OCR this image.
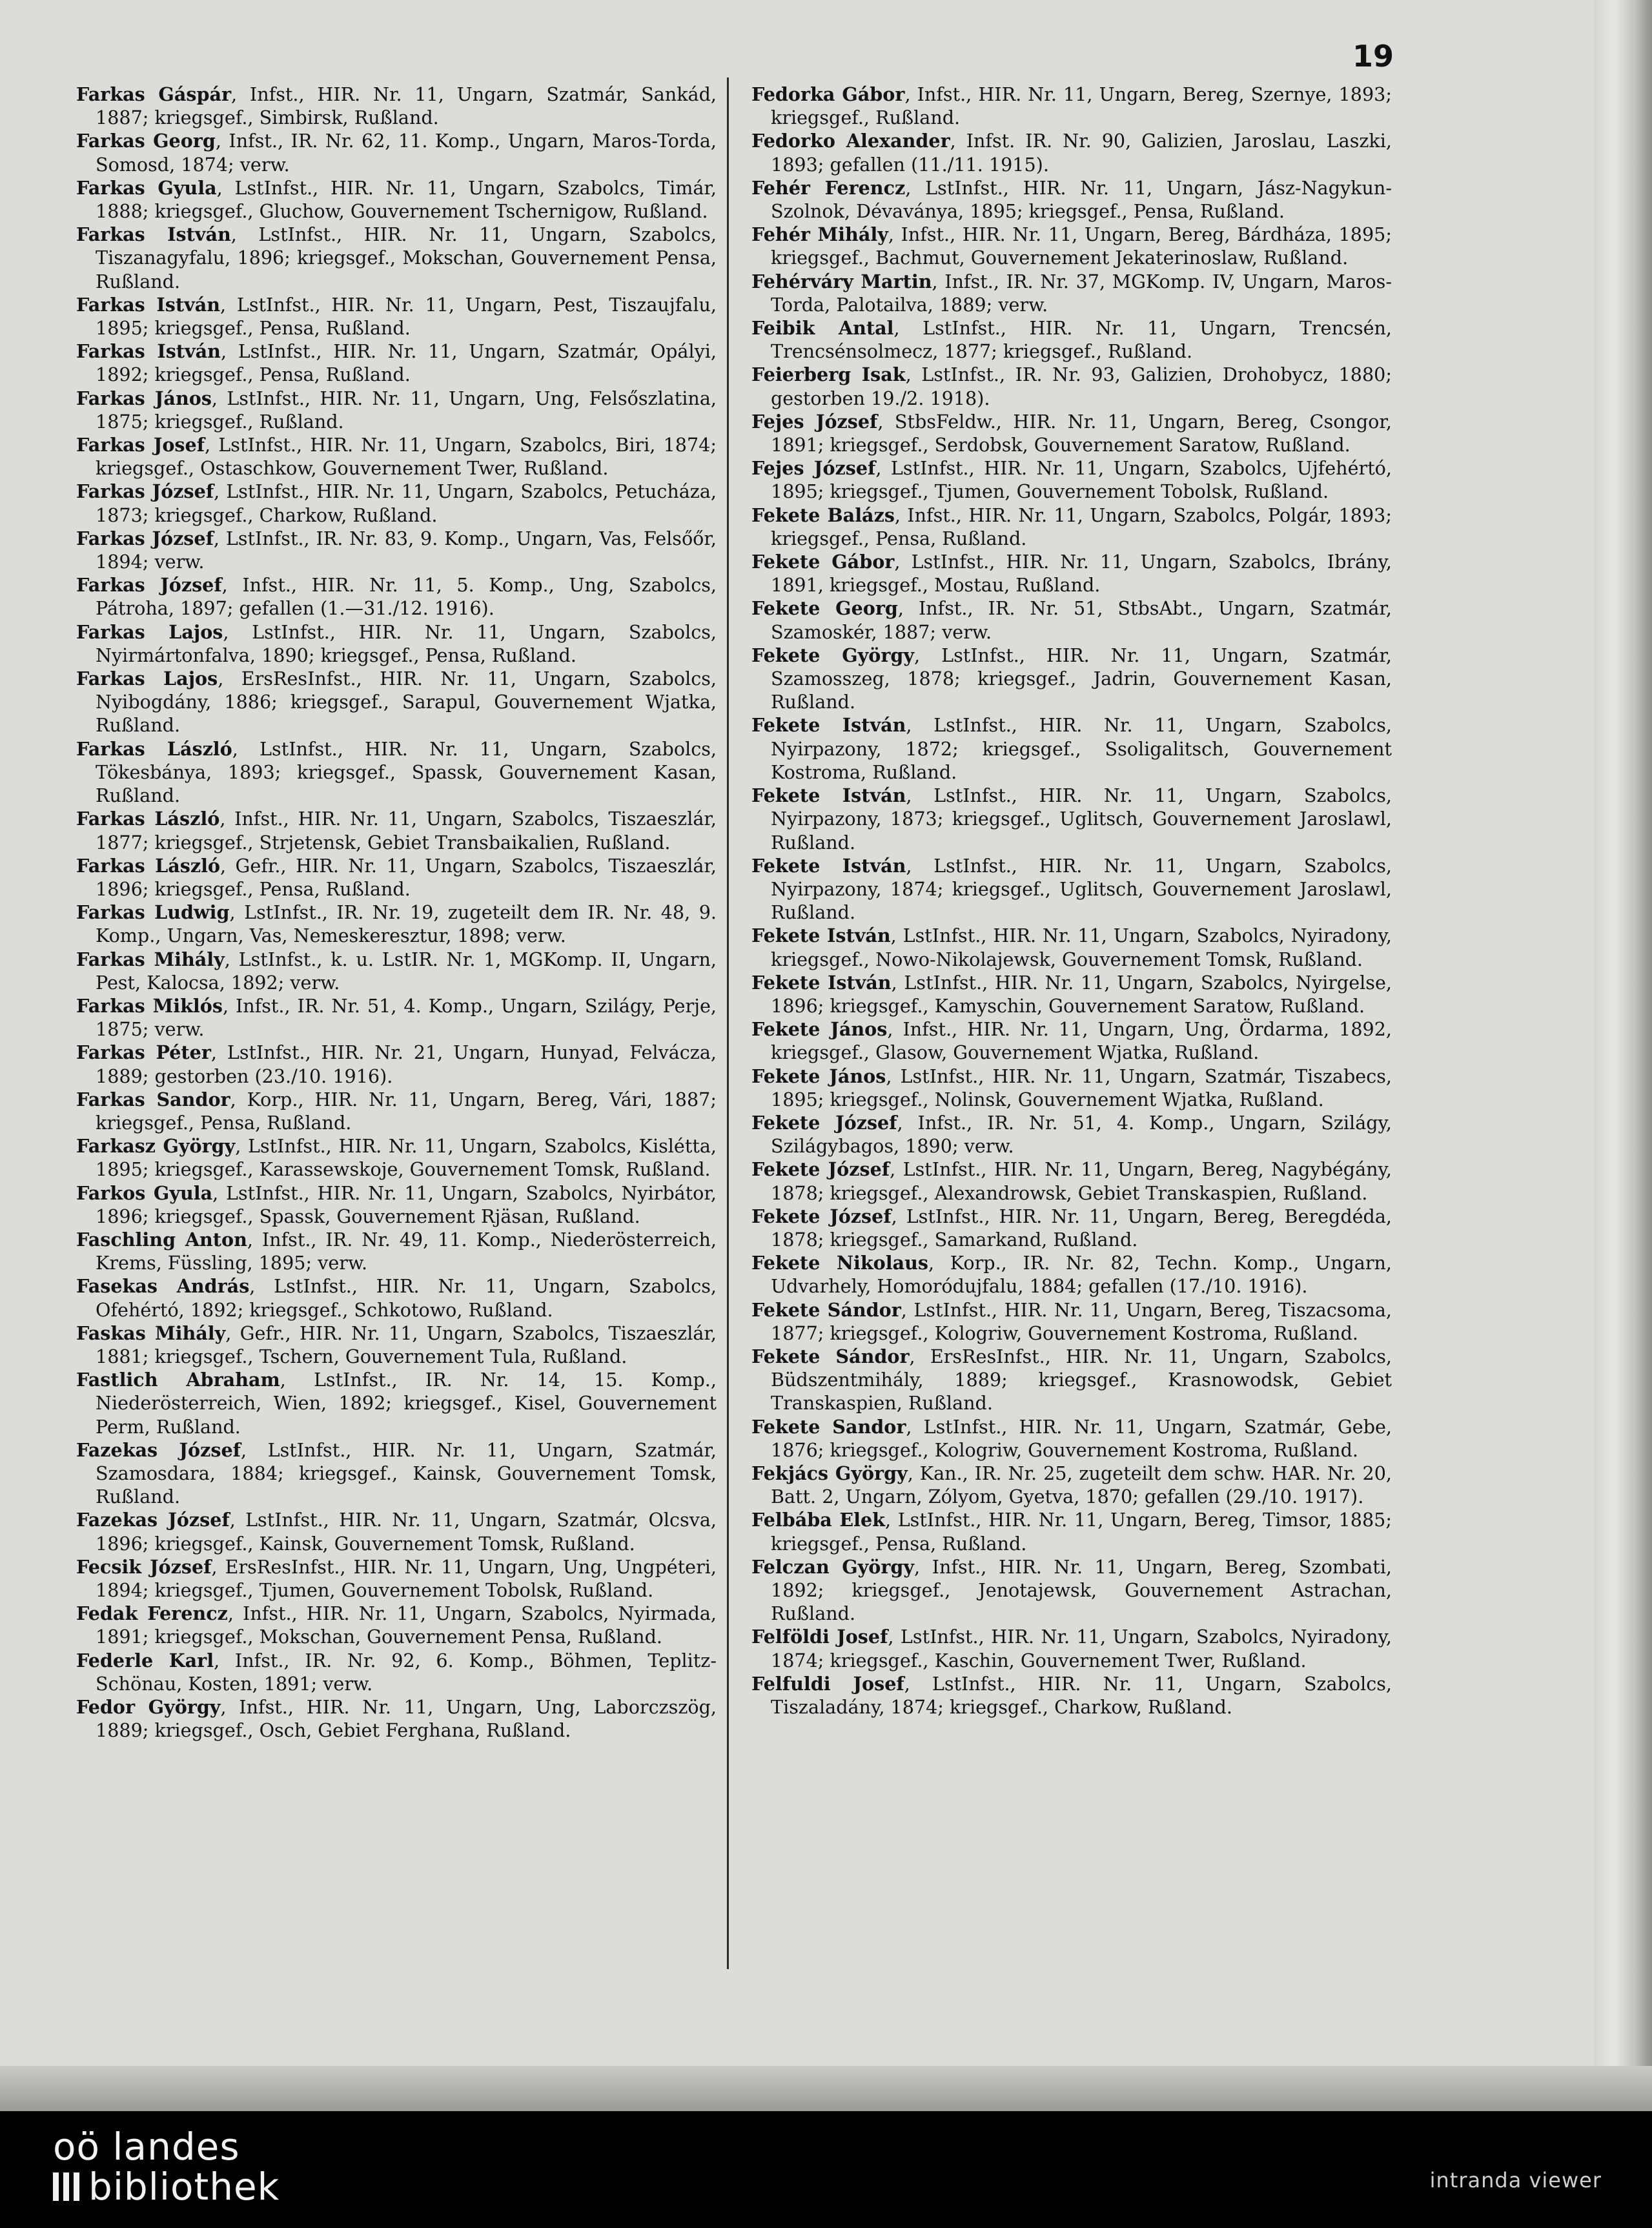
19
Farkas Gáspár, Infst., HIR. Nr. 11, Ungarn, Szatmár, Sankád, 1887; kriegsgef., Simbirsk, Rußland.
Farkas Georg, Infst., IR. Nr. 62, 11. Komp., Ungarn, Maros-Torda, Somosd, 1874; verw.
Farkas Gyula, LstInfst., HIR. Nr. 11, Ungarn, Szabolcs, Timár, 1888; kriegsgef., Gluchow, Gouvernement Tschernigow, Rußland.
Farkas István, LstInfst., HIR. Nr. 11, Ungarn, Szabolcs, Tiszanagyfalu, 1896; kriegsgef., Mokschan, Gouvernement Pensa, Rußland.
Farkas István, LstInfst., HIR. Nr. 11, Ungarn, Pest, Tiszaujfalu, 1895; kriegsgef., Pensa, Rußland.
Farkas István, LstInfst., HIR. Nr. 11, Ungarn, Szatmár, Opályi, 1892; kriegsgef., Pensa, Rußland.
Farkas János, LstInfst., HIR. Nr. 11, Ungarn, Ung, Felsőszlatina, 1875; kriegsgef., Rußland.
Farkas Josef, LstInfst., HIR. Nr. 11, Ungarn, Szabolcs, Biri, 1874; kriegsgef., Ostaschkow, Gouvernement Twer, Rußland.
Farkas József, LstInfst., HIR. Nr. 11, Ungarn, Szabolcs, Petucháza, 1873; kriegsgef., Charkow, Rußland.
Farkas József, LstInfst., IR. Nr. 83, 9. Komp., Ungarn, Vas, Felsőőr, 1894; verw.
Farkas József, Infst., HIR. Nr. 11, 5. Komp., Ung, Szabolcs, Pátroha, 1897; gefallen (1.—31./12. 1916).
Farkas Lajos, LstInfst., HIR. Nr. 11, Ungarn, Szabolcs, Nyirmártonfalva, 1890; kriegsgef., Pensa, Rußland.
Farkas Lajos, ErsResInfst., HIR. Nr. 11, Ungarn, Szabolcs, Nyibogdány, 1886; kriegsgef., Sarapul, Gouvernement Wjatka, Rußland.
Farkas László, LstInfst., HIR. Nr. 11, Ungarn, Szabolcs, Tökesbánya, 1893; kriegsgef., Spassk, Gouvernement Kasan, Rußland.
Farkas László, Infst., HIR. Nr. 11, Ungarn, Szabolcs, Tiszaeszlár, 1877; kriegsgef., Strjetensk, Gebiet Transbaikalien, Rußland.
Farkas László, Gefr., HIR. Nr. 11, Ungarn, Szabolcs, Tiszaeszlár, 1896; kriegsgef., Pensa, Rußland.
Farkas Ludwig, LstInfst., IR. Nr. 19, zugeteilt dem IR. Nr. 48, 9. Komp., Ungarn, Vas, Nemeskeresztur, 1898; verw.
Farkas Mihály, LstInfst., k. u. LstIR. Nr. 1, MGKomp. II, Ungarn, Pest, Kalocsa, 1892; verw.
Farkas Miklós, Infst., IR. Nr. 51, 4. Komp., Ungarn, Szilágy, Perje, 1875; verw.
Farkas Péter, LstInfst., HIR. Nr. 21, Ungarn, Hunyad, Felvácza, 1889; gestorben (23./10. 1916).
Farkas Sandor, Korp., HIR. Nr. 11, Ungarn, Bereg, Vári, 1887; kriegsgef., Pensa, Rußland.
Farkasz György, LstInfst., HIR. Nr. 11, Ungarn, Szabolcs, Kislétta, 1895; kriegsgef., Karassewskoje, Gouvernement Tomsk, Rußland.
Farkos Gyula, LstInfst., HIR. Nr. 11, Ungarn, Szabolcs, Nyirbátor, 1896; kriegsgef., Spassk, Gouvernement Rjäsan, Rußland.
Faschling Anton, Infst., IR. Nr. 49, 11. Komp., Niederösterreich, Krems, Füssling, 1895; verw.
Fasekas András, LstInfst., HIR. Nr. 11, Ungarn, Szabolcs, Ofehértó, 1892; kriegsgef., Schkotowo, Rußland.
Faskas Mihály, Gefr., HIR. Nr. 11, Ungarn, Szabolcs, Tiszaeszlár, 1881; kriegsgef., Tschern, Gouvernement Tula, Rußland.
Fastlich Abraham, LstInfst., IR. Nr. 14, 15. Komp., Niederösterreich, Wien, 1892; kriegsgef., Kisel, Gouvernement Perm, Rußland.
Fazekas József, LstInfst., HIR. Nr. 11, Ungarn, Szatmár, Szamosdara, 1884; kriegsgef., Kainsk, Gouvernement Tomsk, Rußland.
Fazekas József, LstInfst., HIR. Nr. 11, Ungarn, Szatmár, Olcsva, 1896; kriegsgef., Kainsk, Gouvernement Tomsk, Rußland.
Fecsik József, ErsResInfst., HIR. Nr. 11, Ungarn, Ung, Ungpéteri, 1894; kriegsgef., Tjumen, Gouvernement Tobolsk, Rußland.
Fedak Ferencz, Infst., HIR. Nr. 11, Ungarn, Szabolcs, Nyirmada, 1891; kriegsgef., Mokschan, Gouvernement Pensa, Rußland.
Federle Karl, Infst., IR. Nr. 92, 6. Komp., Böhmen, Teplitz-Schönau, Kosten, 1891; verw.
Fedor György, Infst., HIR. Nr. 11, Ungarn, Ung, Laborczszög, 1889; kriegsgef., Osch, Gebiet Ferghana, Rußland.
Fedorka Gábor, Infst., HIR. Nr. 11, Ungarn, Bereg, Szernye, 1893; kriegsgef., Rußland.
Fedorko Alexander, Infst. IR. Nr. 90, Galizien, Jaroslau, Laszki, 1893; gefallen (11./11. 1915).
Fehér Ferencz, LstInfst., HIR. Nr. 11, Ungarn, Jász-Nagykun-Szolnok, Dévaványa, 1895; kriegsgef., Pensa, Rußland.
Fehér Mihály, Infst., HIR. Nr. 11, Ungarn, Bereg, Bárdháza, 1895; kriegsgef., Bachmut, Gouvernement Jekaterinoslaw, Rußland.
Fehérváry Martin, Infst., IR. Nr. 37, MGKomp. IV, Ungarn, Maros-Torda, Palotailva, 1889; verw.
Feibik Antal, LstInfst., HIR. Nr. 11, Ungarn, Trencsén, Trencsénsolmecz, 1877; kriegsgef., Rußland.
Feierberg Isak, LstInfst., IR. Nr. 93, Galizien, Drohobycz, 1880; gestorben 19./2. 1918).
Fejes József, StbsFeldw., HIR. Nr. 11, Ungarn, Bereg, Csongor, 1891; kriegsgef., Serdobsk, Gouvernement Saratow, Rußland.
Fejes József, LstInfst., HIR. Nr. 11, Ungarn, Szabolcs, Ujfehértó, 1895; kriegsgef., Tjumen, Gouvernement Tobolsk, Rußland.
Fekete Balázs, Infst., HIR. Nr. 11, Ungarn, Szabolcs, Polgár, 1893; kriegsgef., Pensa, Rußland.
Fekete Gábor, LstInfst., HIR. Nr. 11, Ungarn, Szabolcs, Ibrány, 1891, kriegsgef., Mostau, Rußland.
Fekete Georg, Infst., IR. Nr. 51, StbsAbt., Ungarn, Szatmár, Szamoskér, 1887; verw.
Fekete György, LstInfst., HIR. Nr. 11, Ungarn, Szatmár, Szamosszeg, 1878; kriegsgef., Jadrin, Gouvernement Kasan, Rußland.
Fekete István, LstInfst., HIR. Nr. 11, Ungarn, Szabolcs, Nyirpazony, 1872; kriegsgef., Ssoligalitsch, Gouvernement Kostroma, Rußland.
Fekete István, LstInfst., HIR. Nr. 11, Ungarn, Szabolcs, Nyirpazony, 1873; kriegsgef., Uglitsch, Gouvernement Jaroslawl, Rußland.
Fekete István, LstInfst., HIR. Nr. 11, Ungarn, Szabolcs, Nyirpazony, 1874; kriegsgef., Uglitsch, Gouvernement Jaroslawl, Rußland.
Fekete István, LstInfst., HIR. Nr. 11, Ungarn, Szabolcs, Nyiradony, kriegsgef., Nowo-Nikolajewsk, Gouvernement Tomsk, Rußland.
Fekete István, LstInfst., HIR. Nr. 11, Ungarn, Szabolcs, Nyirgelse, 1896; kriegsgef., Kamyschin, Gouvernement Saratow, Rußland.
Fekete János, Infst., HIR. Nr. 11, Ungarn, Ung, Ördarma, 1892, kriegsgef., Glasow, Gouvernement Wjatka, Rußland.
Fekete János, LstInfst., HIR. Nr. 11, Ungarn, Szatmár, Tiszabecs, 1895; kriegsgef., Nolinsk, Gouvernement Wjatka, Rußland.
Fekete József, Infst., IR. Nr. 51, 4. Komp., Ungarn, Szilágy, Szilágybagos, 1890; verw.
Fekete József, LstInfst., HIR. Nr. 11, Ungarn, Bereg, Nagybégány, 1878; kriegsgef., Alexandrowsk, Gebiet Transkaspien, Rußland.
Fekete József, LstInfst., HIR. Nr. 11, Ungarn, Bereg, Beregdéda, 1878; kriegsgef., Samarkand, Rußland.
Fekete Nikolaus, Korp., IR. Nr. 82, Techn. Komp., Ungarn, Udvarhely, Homoródujfalu, 1884; gefallen (17./10. 1916).
Fekete Sándor, LstInfst., HIR. Nr. 11, Ungarn, Bereg, Tiszacsoma, 1877; kriegsgef., Kologriw, Gouvernement Kostroma, Rußland.
Fekete Sándor, ErsResInfst., HIR. Nr. 11, Ungarn, Szabolcs, Büdszentmihály, 1889; kriegsgef., Krasnowodsk, Gebiet Transkaspien, Rußland.
Fekete Sandor, LstInfst., HIR. Nr. 11, Ungarn, Szatmár, Gebe, 1876; kriegsgef., Kologriw, Gouvernement Kostroma, Rußland.
Fekjács György, Kan., IR. Nr. 25, zugeteilt dem schw. HAR. Nr. 20, Batt. 2, Ungarn, Zólyom, Gyetva, 1870; gefallen (29./10. 1917).
Felbába Elek, LstInfst., HIR. Nr. 11, Ungarn, Bereg, Timsor, 1885; kriegsgef., Pensa, Rußland.
Felczan György, Infst., HIR. Nr. 11, Ungarn, Bereg, Szombati, 1892; kriegsgef., Jenotajewsk, Gouvernement Astrachan, Rußland.
Felföldi Josef, LstInfst., HIR. Nr. 11, Ungarn, Szabolcs, Nyiradony, 1874; kriegsgef., Kaschin, Gouvernement Twer, Rußland.
Felfuldi Josef, LstInfst., HIR. Nr. 11, Ungarn, Szabolcs, Tiszaladány, 1874; kriegsgef., Charkow, Rußland.
oö landes
bibliothek	intranda viewer
